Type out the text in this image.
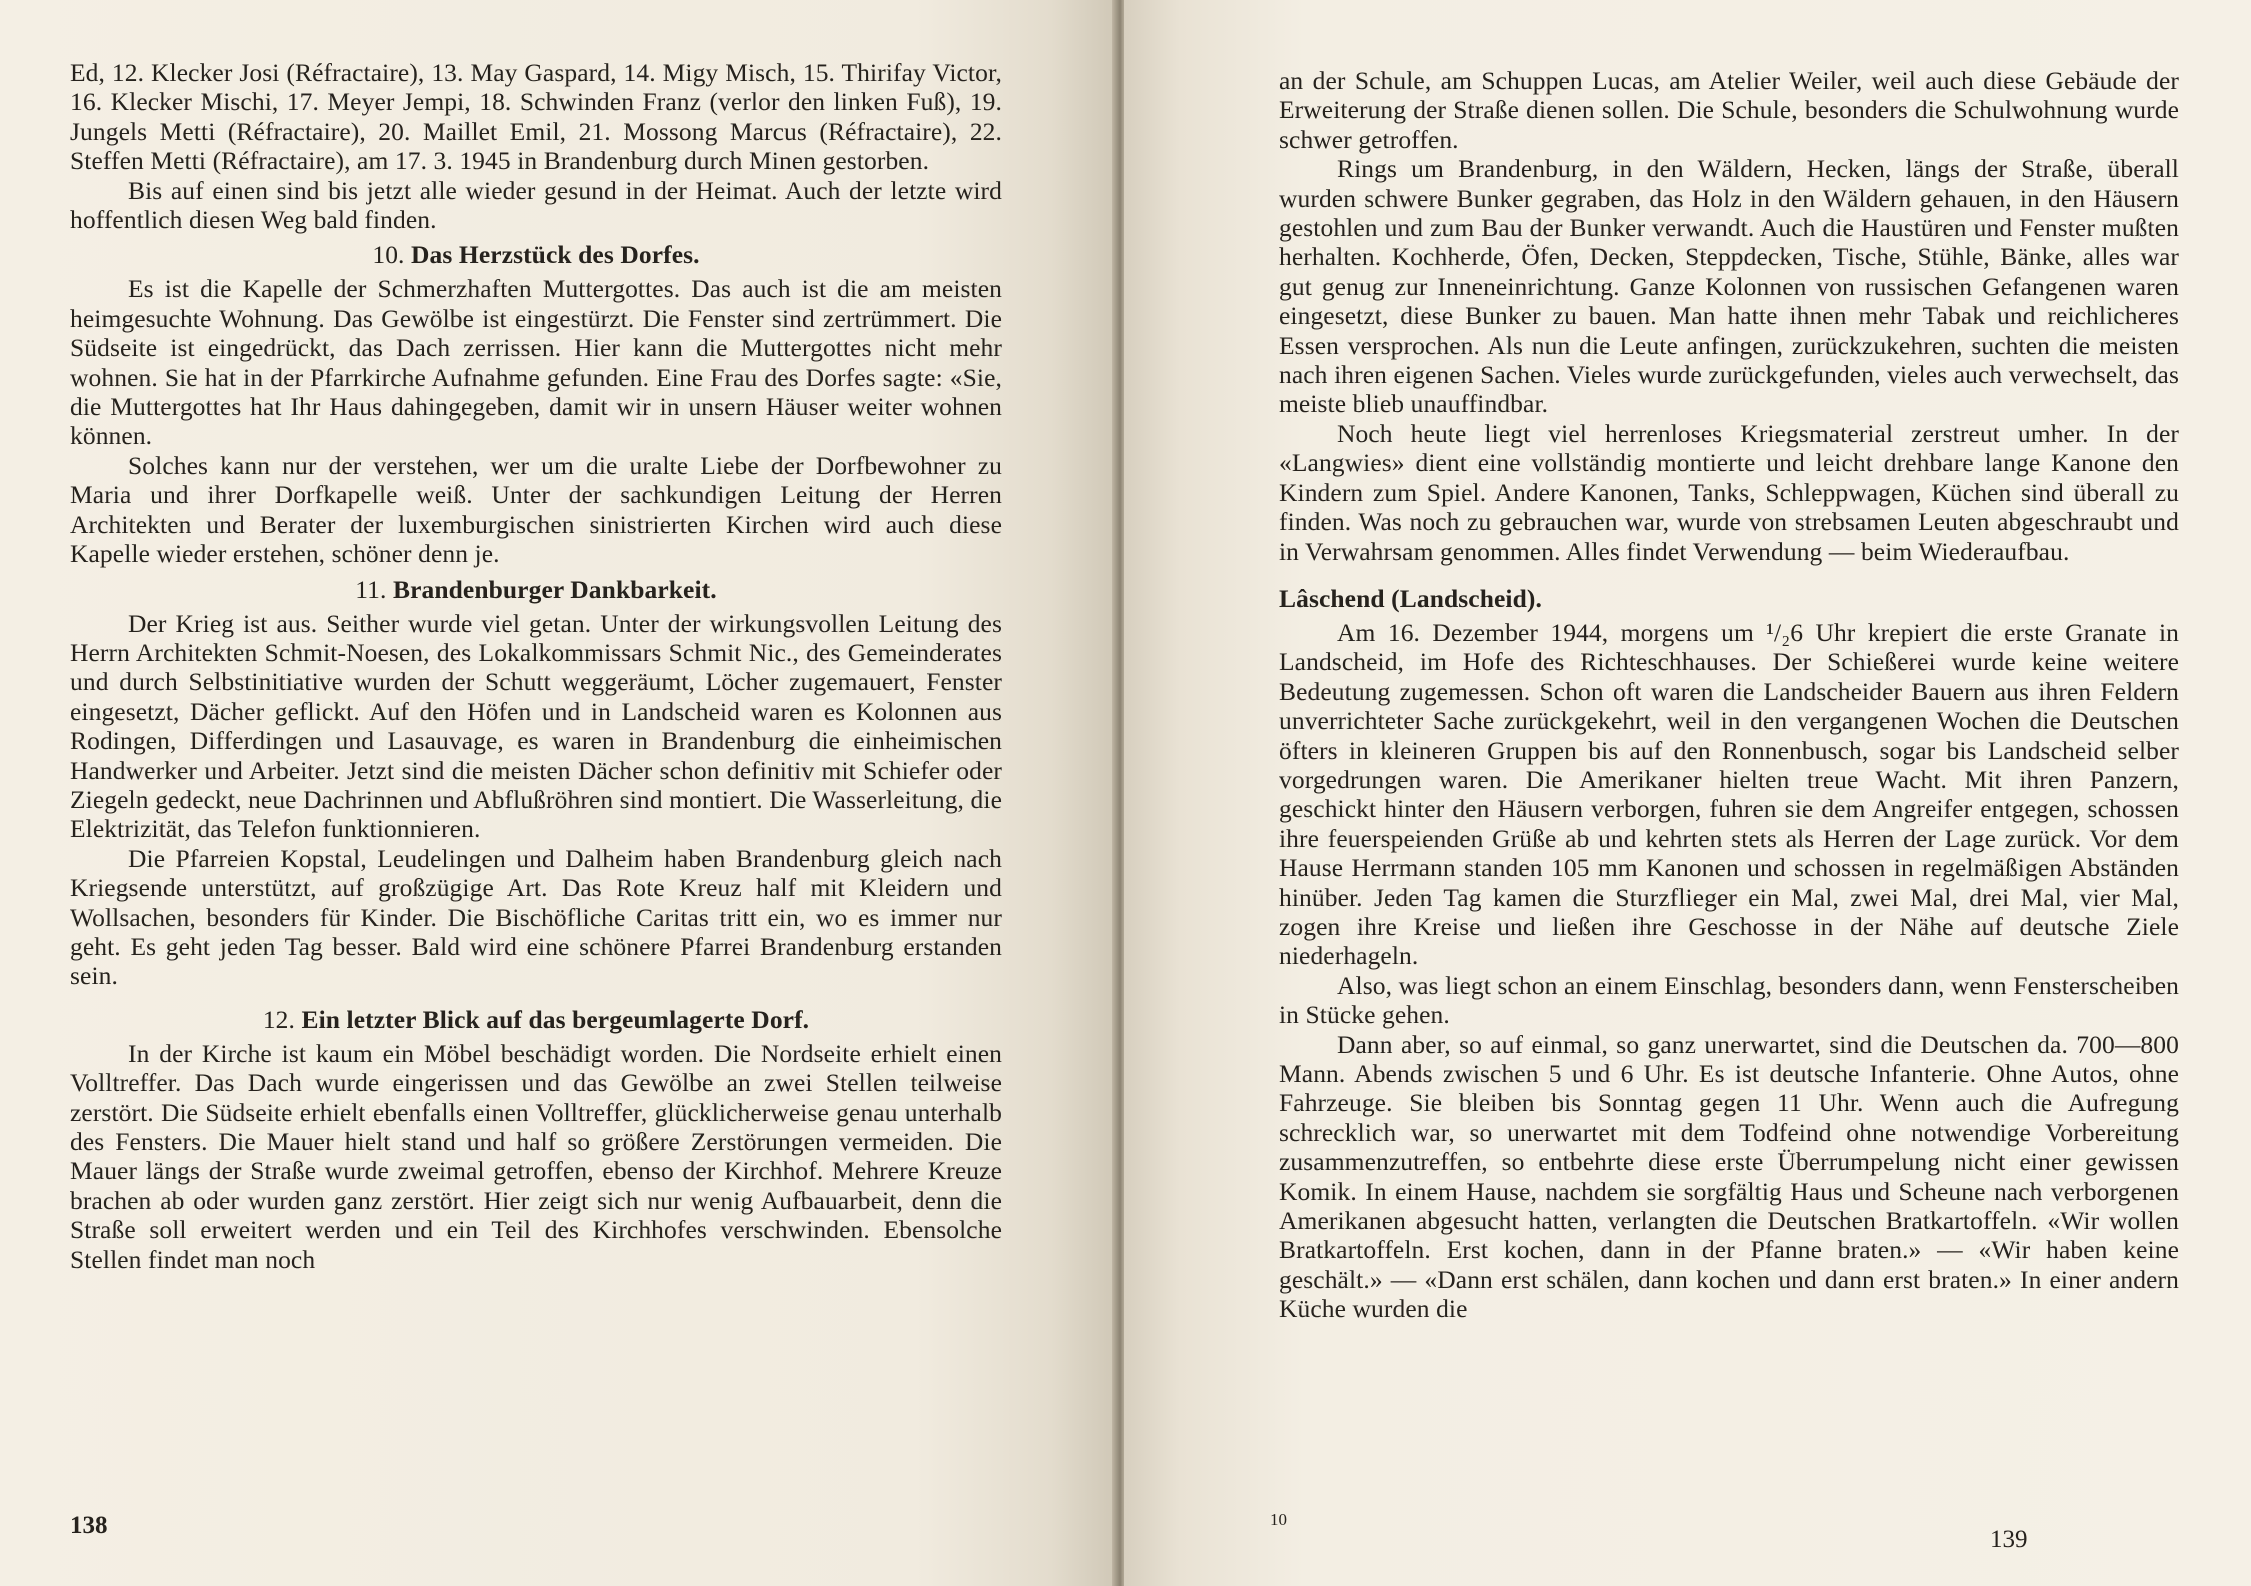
Ed, 12. Klecker Josi (Réfractaire), 13. May Gaspard, 14. Migy Misch, 15. Thirifay Victor, 16. Klecker Mischi, 17. Meyer Jempi, 18. Schwinden Franz (verlor den linken Fuß), 19. Jungels Metti (Réfractaire), 20. Maillet Emil, 21. Mossong Marcus (Réfractaire), 22. Steffen Metti (Réfractaire), am 17. 3. 1945 in Brandenburg durch Minen gestorben.

Bis auf einen sind bis jetzt alle wieder gesund in der Heimat. Auch der letzte wird hoffentlich diesen Weg bald finden.

10. Das Herzstück des Dorfes.

Es ist die Kapelle der Schmerzhaften Muttergottes. Das auch ist die am meisten heimgesuchte Wohnung. Das Gewölbe ist eingestürzt. Die Fenster sind zertrümmert. Die Südseite ist eingedrückt, das Dach zerrissen. Hier kann die Muttergottes nicht mehr wohnen. Sie hat in der Pfarrkirche Aufnahme gefunden. Eine Frau des Dorfes sagte: «Sie, die Muttergottes hat Ihr Haus dahingegeben, damit wir in unsern Häuser weiter wohnen können.

Solches kann nur der verstehen, wer um die uralte Liebe der Dorfbewohner zu Maria und ihrer Dorfkapelle weiß. Unter der sachkundigen Leitung der Herren Architekten und Berater der luxemburgischen sinistrierten Kirchen wird auch diese Kapelle wieder erstehen, schöner denn je.

11. Brandenburger Dankbarkeit.

Der Krieg ist aus. Seither wurde viel getan. Unter der wirkungsvollen Leitung des Herrn Architekten Schmit-Noesen, des Lokalkommissars Schmit Nic., des Gemeinderates und durch Selbstinitiative wurden der Schutt weggeräumt, Löcher zugemauert, Fenster eingesetzt, Dächer geflickt. Auf den Höfen und in Landscheid waren es Kolonnen aus Rodingen, Differdingen und Lasauvage, es waren in Brandenburg die einheimischen Handwerker und Arbeiter. Jetzt sind die meisten Dächer schon definitiv mit Schiefer oder Ziegeln gedeckt, neue Dachrinnen und Abflußröhren sind montiert. Die Wasserleitung, die Elektrizität, das Telefon funktionnieren.

Die Pfarreien Kopstal, Leudelingen und Dalheim haben Brandenburg gleich nach Kriegsende unterstützt, auf großzügige Art. Das Rote Kreuz half mit Kleidern und Wollsachen, besonders für Kinder. Die Bischöfliche Caritas tritt ein, wo es immer nur geht. Es geht jeden Tag besser. Bald wird eine schönere Pfarrei Brandenburg erstanden sein.

12. Ein letzter Blick auf das bergeumlagerte Dorf.

In der Kirche ist kaum ein Möbel beschädigt worden. Die Nordseite erhielt einen Volltreffer. Das Dach wurde eingerissen und das Gewölbe an zwei Stellen teilweise zerstört. Die Südseite erhielt ebenfalls einen Volltreffer, glücklicherweise genau unterhalb des Fensters. Die Mauer hielt stand und half so größere Zerstörungen vermeiden. Die Mauer längs der Straße wurde zweimal getroffen, ebenso der Kirchhof. Mehrere Kreuze brachen ab oder wurden ganz zerstört. Hier zeigt sich nur wenig Aufbauarbeit, denn die Straße soll erweitert werden und ein Teil des Kirchhofes verschwinden. Ebensolche Stellen findet man noch

138

an der Schule, am Schuppen Lucas, am Atelier Weiler, weil auch diese Gebäude der Erweiterung der Straße dienen sollen. Die Schule, besonders die Schulwohnung wurde schwer getroffen.

Rings um Brandenburg, in den Wäldern, Hecken, längs der Straße, überall wurden schwere Bunker gegraben, das Holz in den Wäldern gehauen, in den Häusern gestohlen und zum Bau der Bunker verwandt. Auch die Haustüren und Fenster mußten herhalten. Kochherde, Öfen, Decken, Steppdecken, Tische, Stühle, Bänke, alles war gut genug zur Inneneinrichtung. Ganze Kolonnen von russischen Gefangenen waren eingesetzt, diese Bunker zu bauen. Man hatte ihnen mehr Tabak und reichlicheres Essen versprochen. Als nun die Leute anfingen, zurückzukehren, suchten die meisten nach ihren eigenen Sachen. Vieles wurde zurückgefunden, vieles auch verwechselt, das meiste blieb unauffindbar.

Noch heute liegt viel herrenloses Kriegsmaterial zerstreut umher. In der «Langwies» dient eine vollständig montierte und leicht drehbare lange Kanone den Kindern zum Spiel. Andere Kanonen, Tanks, Schleppwagen, Küchen sind überall zu finden. Was noch zu gebrauchen war, wurde von strebsamen Leuten abgeschraubt und in Verwahrsam genommen. Alles findet Verwendung — beim Wiederaufbau.

Lâschend (Landscheid).

Am 16. Dezember 1944, morgens um ¹/₂6 Uhr krepiert die erste Granate in Landscheid, im Hofe des Richteschhauses. Der Schießerei wurde keine weitere Bedeutung zugemessen. Schon oft waren die Landscheider Bauern aus ihren Feldern unverrichteter Sache zurückgekehrt, weil in den vergangenen Wochen die Deutschen öfters in kleineren Gruppen bis auf den Ronnenbusch, sogar bis Landscheid selber vorgedrungen waren. Die Amerikaner hielten treue Wacht. Mit ihren Panzern, geschickt hinter den Häusern verborgen, fuhren sie dem Angreifer entgegen, schossen ihre feuerspeienden Grüße ab und kehrten stets als Herren der Lage zurück. Vor dem Hause Herrmann standen 105 mm Kanonen und schossen in regelmäßigen Abständen hinüber. Jeden Tag kamen die Sturzflieger ein Mal, zwei Mal, drei Mal, vier Mal, zogen ihre Kreise und ließen ihre Geschosse in der Nähe auf deutsche Ziele niederhageln.

Also, was liegt schon an einem Einschlag, besonders dann, wenn Fensterscheiben in Stücke gehen.

Dann aber, so auf einmal, so ganz unerwartet, sind die Deutschen da. 700—800 Mann. Abends zwischen 5 und 6 Uhr. Es ist deutsche Infanterie. Ohne Autos, ohne Fahrzeuge. Sie bleiben bis Sonntag gegen 11 Uhr. Wenn auch die Aufregung schrecklich war, so unerwartet mit dem Todfeind ohne notwendige Vorbereitung zusammenzutreffen, so entbehrte diese erste Überrumpelung nicht einer gewissen Komik. In einem Hause, nachdem sie sorgfältig Haus und Scheune nach verborgenen Amerikanen abgesucht hatten, verlangten die Deutschen Bratkartoffeln. «Wir wollen Bratkartoffeln. Erst kochen, dann in der Pfanne braten.» — «Wir haben keine geschält.» — «Dann erst schälen, dann kochen und dann erst braten.» In einer andern Küche wurden die

10
139
